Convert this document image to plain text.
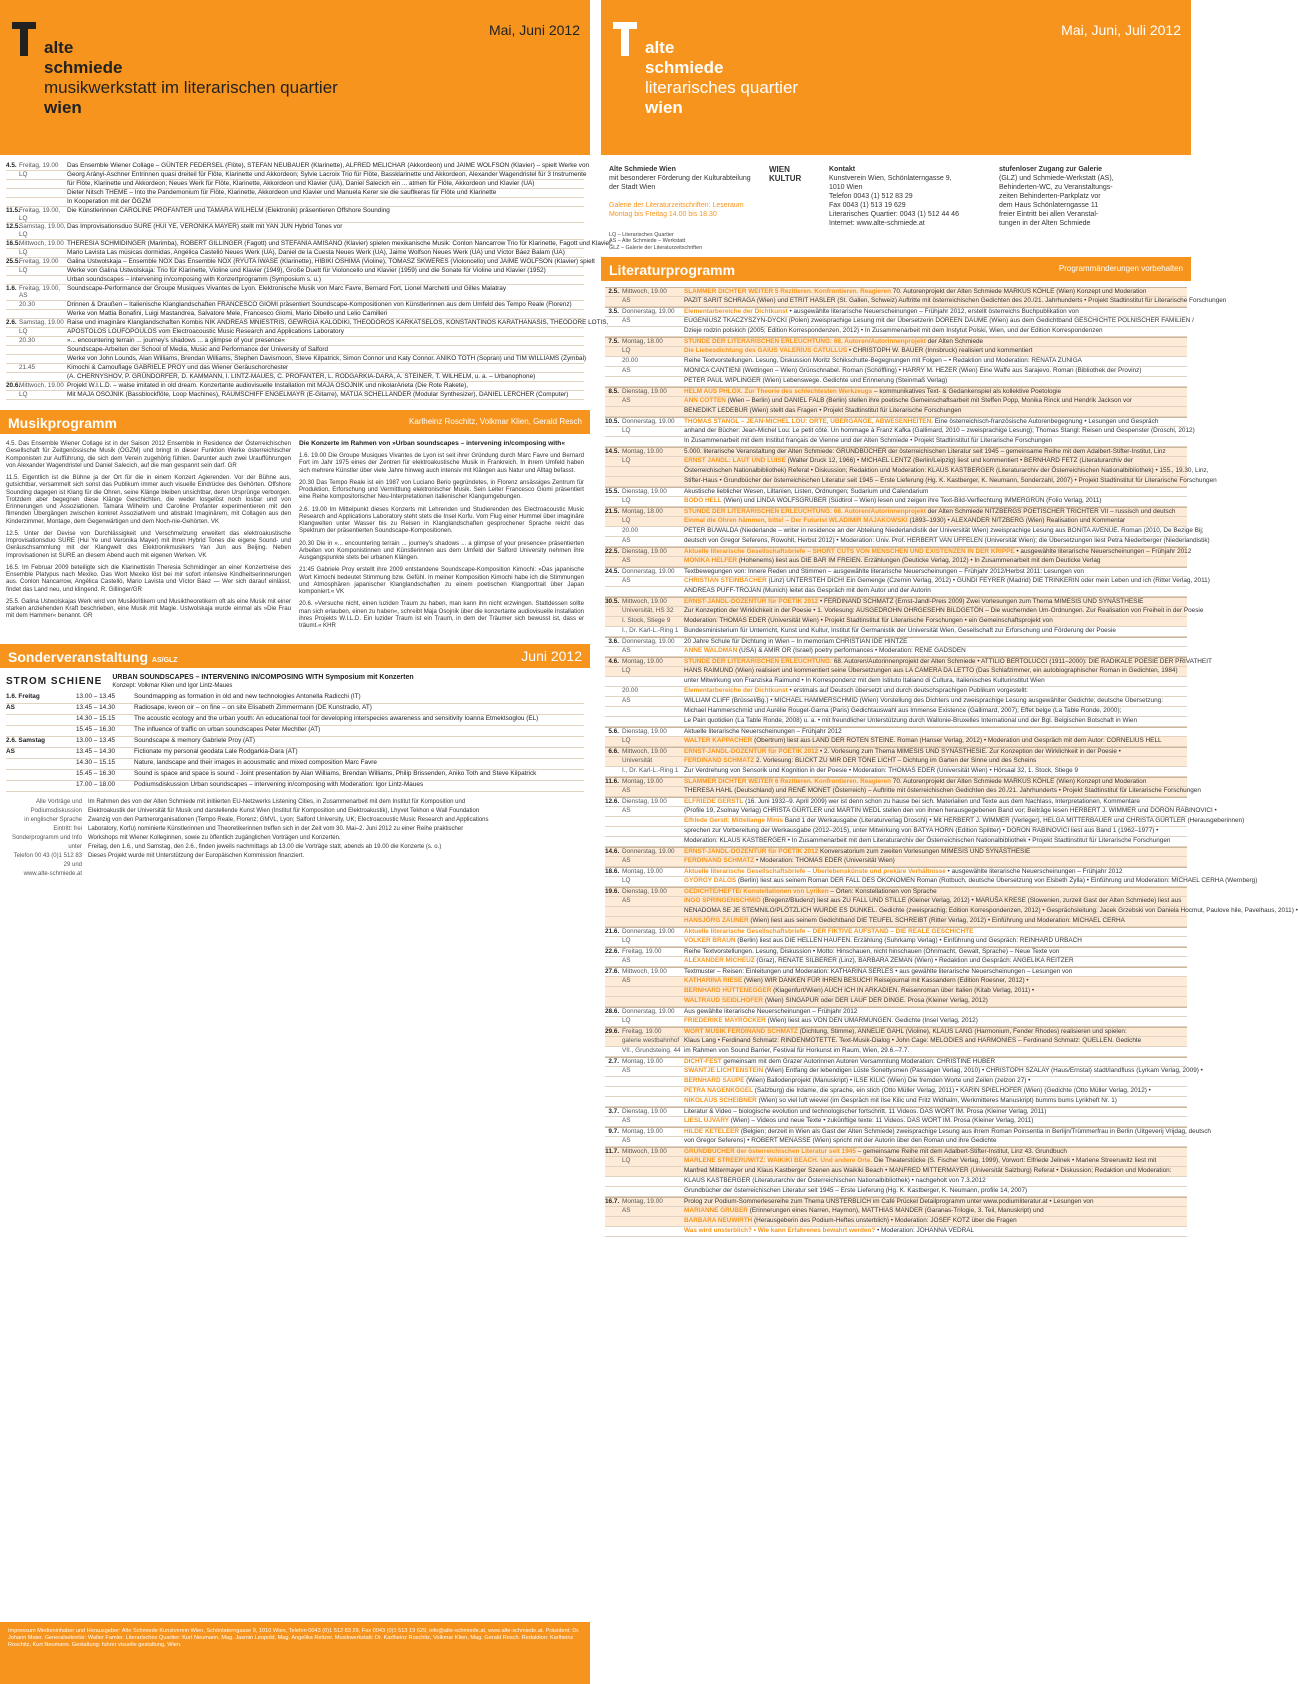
alte
schmiede
musikwerkstatt im literarischen quartier
wien
Mai, Juni 2012
4.5. Freitag, 19.00	Das Ensemble Wiener Collage – GÜNTER FEDERSEL (Flöte), STEFAN NEUBAUER (Klarinette), ALFRED MELICHAR (Akkordeon) und JAIME WOLFSON (Klavier) – spielt Werke von
LQ	Georg Arányi-Aschner Entrinnen quasi dreiteil für Flöte, Klarinette und Akkordeon; Sylvie Lacroix Trio für Flöte, Bassklarinette und Akkordeon, Alexander Wagendristel für 3 Instrumente
für Flöte, Klarinette und Akkordeon; Neues Werk für Flöte, Klarinette, Akkordeon und Klavier (UA), Daniel Salecich ein ... atmen für Flöte, Akkordeon und Klavier (UA)
Dieter Nitsch THEME – Into the Pandemonium für Flöte, Klarinette, Akkordeon und Klavier und Manuela Kerer sie die sauftkeras für Flöte und Klarinette
In Kooperation mit der ÖGZM
11.5. Freitag, 19.00, LQ
Die Künstlerinnen CAROLINE PROFANTER und TAMARA WILHELM (Elektronik) präsentieren Offshore Sounding
12.5.
Samstag, 19.00, LQ
Das Improvisationsduo SURE (HUI YE, VERONIKA MAYER) stellt mit YAN JUN Hybrid Tones vor
16.5.
Mittwoch, 19.00 THERESIA SCHMIDINGER (Marimba), ROBERT GILLINGER (Fagott) und STEFANIA AMISANO (Klavier) spielen mexikanische Musik: Conlon Nancarrow Trio für Klarinette, Fagott und Klavier,
LQ	Mario Lavista Las músicas dormidas, Angélica Castelló Neues Werk (UA), Daniel de la Cuesta Neues Werk (UA), Jaime Wolfson Neues Werk (UA) und Víctor Báez Balam (UA)
25.5.
Freitag, 19.00	Galina Ustwolskaja – Ensemble NOX Das Ensemble NOX (RYUTA IWASE (Klarinette), HIBIKI OSHIMA (Violine), TOMASZ SKWERES (Violoncello) und JAIME WOLFSON (Klavier) spielt
LQ	Werke von Galina Ustwolskaja: Trio für Klarinette, Violine und Klavier (1949), Große Duett für Violoncello und Klavier (1959) und die Sonate für Violine und Klavier (1952)
Urban soundscapes – intervening in/composing with Konzertprogramm (Symposium s. u.)
1.6. Freitag, 19.00, AS
Soundscape-Performance der Groupe Musiques Vivantes de Lyon. Elektronische Musik von Marc Favre, Bernard Fort, Lionel Marchetti und Gilles Malatray
20.30	Drinnen & Draußen – Italienische Klanglandschaften FRANCESCO GIOMI präsentiert Soundscape-Kompositionen von Künstlerinnen aus dem Umfeld des Tempo Reale (Florenz)
Werke von Mattia Bonafini, Luigi Mastandrea, Salvatore Mele, Francesco Giomi, Mario Dibello und Lelio Camilleri
2.6. Samstag, 19.00 Raise und imaginäre Klanglandschaften Kombis NIK ANDREAS MNIESTRIS, GEWRGIA KALODIKI, THEODOROS KARKATSELOS, KONSTANTINOS KARATHANASIS, THEODORE LOTIS,
LQ	APOSTOLOS LOUFOPOULOS vom Electroacoustic Music Research and Applications Laboratory
20.30	»... encountering terrain ... journey's shadows ... a glimpse of your presence«
Soundscape-Arbeiten der School of Media, Music and Performance der University of Salford
Werke von John Lounds, Alan Williams, Brendan Williams, Stephen Davismoon, Steve Kilpatrick, Simon Connor und Katy Connor. ANIKO TOTH (Sopran) und TIM WILLIAMS (Zymbal)
21.45	Kimochi & Camouflage GABRIELE PROY und das Wiener Geräuschorchester
(A. CHERNYSHOV, P. GRÜNDORFER, D. KAMMANN, I. LINTZ-MAUES, C. PROFANTER, L. RODGARKIA-DARA, A. STEINER, T. WILHELM, u. a. – Urbanophone)
20.6.
Mittwoch, 19.00 Projekt W.I.L.D. – walse imitated in old dream. Konzertante audiovisuelle Installation mit MAJA OSOJNIK und nikolarArieta (Die Rote Rakete),
LQ	Mit MAJA OSOJNIK (Bassblockflöte, Loop Machines), RAUMSCHIFF ENGELMAYR (E-Gitarre), MATIJA SCHELLANDER (Modular Synthesizer), DANIEL LERCHER (Computer)
Musikprogramm	Karlheinz Roschitz, Volkmar Klien, Gerald Resch

4.5. Das Ensemble Wiener Collage ist in der Saison 2012 Ensemble in Residence der Österreichischen Gesellschaft für Zeitgenössische Musik (ÖGZM) und bringt in dieser Funktion Werke österreichischer Komponisten zur Aufführung, die sich dem Verein zugehörig fühlen. Darunter auch zwei Uraufführungen von Alexander Wagendristel und Daniel Salecich, auf die man gespannt sein darf. GR

11.5. Eigentlich ist die Bühne ja der Ort für die in einem Konzert Agierenden. Vor der Bühne aus, gutsichtbar, versammelt sich sonst das Publikum immer auch visuelle Eindrücke des Gehörten. Offshore Sounding dagegen ist Klang für die Ohren, seine Klänge bleiben unsichtbar, deren Ursprünge verborgen. Trotzdem aber begegnen diese Klänge Geschichten, die weder losgelöst noch losbar und von Erinnerungen und Assoziationen. Tamara Wilhelm und Caroline Profanter experimentieren mit den flirrenden Übergängen zwischen konkret Assoziativem und abstrakt Imaginärem, mit Collagen aus den Kinderzimmer, Montage, dem Gegenwärtigen und dem Noch-nie-Gehörten. VK

12.5. Unter der Devise von Durchlässigkeit und Verschmelzung erweitert das elektroakustische Improvisationsduo SURE (Hui Ye und Veronika Mayer) mit ihren Hybrid Tones die eigene Sound- und Geräuschsammlung mit der Klangwelt des Elektronikmusikers Yan Jun aus Beijing. Neben Improvisationen ist SURE an diesem Abend auch mit eigenen Werken. VK

16.5. Im Februar 2009 beteiligte sich die Klarinettistin Theresia Schmidinger an einer Konzertreise des Ensemble Platypus nach Mexiko. Das Wort Mexiko löst bei mir sofort intensive Kindheitserinnerungen aus. Conlon Nancarrow, Angélica Castelló, Mario Lavista und Víctor Báez — Wer sich darauf einlässt, findet das Land neu, und klingend. R. Gillinger/GR

25.5. Galina Ustwolskajas Werk wird von Musikkritikern und Musiktheoretikern oft als eine Musik mit einer starken anziehenden Kraft beschrieben, eine Musik mit Magie. Ustwolskaja wurde einmal als »Die Frau mit dem Hammer« benannt. GR

Die Konzerte im Rahmen von »Urban soundscapes – intervening in/composing with«

1.6. 19.00 Die Groupe Musiques Vivantes de Lyon ist seit ihrer Gründung durch Marc Favre und Bernard Fort im Jahr 1975 eines der Zentren für elektroakustische Musik in Frankreich. In ihrem Umfeld haben sich mehrere Künstler über viele Jahre hinweg auch intensiv mit Klängen aus Natur und Alltag befasst.

20.30 Das Tempo Reale ist ein 1987 von Luciano Berio gegründetes, in Florenz ansässiges Zentrum für Produktion, Erforschung und Vermittlung elektronischer Musik. Sein Leiter Francesco Giomi präsentiert eine Reihe kompositorischer Neu-Interpretationen italienischer Klangumgebungen.

2.6. 19.00 Im Mittelpunkt dieses Konzerts mit Lehrenden und Studierenden des Electroacoustic Music Research and Applications Laboratory steht stets die Insel Korfu. Vom Flug einer Hummel über imaginäre Klangwelten unter Wasser bis zu Reisen in Klanglandschaften gesprochener Sprache reicht das Spektrum der präsentierten Soundscape-Kompositionen.

20.30 Die in »... encountering terrain ... journey's shadows ... a glimpse of your presence« präsentierten Arbeiten von Komponistinnen und Künstlerinnen aus dem Umfeld der Salford University nehmen ihre Ausgangspunkte stets bei urbanen Klängen.

21:45 Gabriele Proy erstellt ihre 2009 entstandene Soundscape-Komposition Kimochi: »Das japanische Wort Kimochi bedeutet Stimmung bzw. Gefühl. In meiner Komposition Kimochi habe ich die Stimmungen und Atmosphären japanischer Klanglandschaften zu einem poetischen Klangportrait über Japan komponiert.« VK

20.6. »Versuche nicht, einen luziden Traum zu haben, man kann ihn nicht erzwingen. Stattdessen sollte man sich erlauben, einen zu haben«, schreibt Maja Osojnik über die konzertante audiovisuelle Installation ihres Projekts W.I.L.D. Ein luzider Traum ist ein Traum, in dem der Träumer sich bewusst ist, dass er träumt.« KHR

Sonderveranstaltung AS/GLZ	Juni 2012
STROM SCHIENE URBAN SOUNDSCAPES – INTERVENING IN/COMPOSING WITH Symposium mit Konzerten
Konzept: Volkmar Klien und Igor Lintz-Maues
1.6. Freitag	13.00 – 13.45	Soundmapping as formation in old and new technologies Antonella Radicchi (IT)
AS	13.45 – 14.30	Radiosape, kveon oir – on fine – on site Elisabeth Zimmermann (DE Kunstradio, AT)
14.30 – 15.15	The acoustic ecology and the urban youth: An educational tool for developing interspecies awareness and sensitivity Ioanna Etmektsoglou (EL)
15.45 – 16.30	The influence of traffic on urban soundscapes Peter Mechtler (AT)
2.6. Samstag	13.00 – 13.45	Soundscape & memory Gabriele Proy (AT)
AS	13.45 – 14.30	Fictionate my personal geodata Lale Rodgarkia-Dara (AT)
14.30 – 15.15	Nature, landscape and their images in acousmatic and mixed composition Marc Favre
15.45 – 16.30	Sound is space and space is sound - Joint presentation by Alan Williams, Brendan Williams, Philip Brissenden, Aniko Toth and Steve Kilpatrick
17.00 – 18.00	Podiumsdiskussion Urban soundscapes – intervening in/composing with Moderation: Igor Lintz-Maues
Alle Vorträge und Podiumsdiskussion
in englischer Sprache
Eintritt: frei
Sonderprogramm und Info unter
Telefon 00 43 (0)1 512 83 29 und
www.alte-schmiede.at
Im Rahmen des von der Alten Schmiede mit initiierten EU-Netzwerks Listening Cities, in Zusammenarbeit mit dem Institut für Komposition und
Elektroakustik der Universität für Musik und darstellende Kunst Wien (Institut für Komposition und Elektroakustik), Lhyvet Tekhon e Wall Foundation
Zwanzig von den Partnerorganisationen (Tempo Reale, Florenz; GMVL, Lyon; Salford University, UK; Electroacoustic Music Research and Applications
Laboratory, Korfu) nominierte Künstlerinnen und Theoretikerinnen treffen sich in der Zeit vom 30. Mai–2. Juni 2012 zu einer Reihe praktischer
Workshops mit Wiener Kolleginnen, sowie zu öffentlich zugänglichen Vorträgen und Konzerten.
Freitag, den 1.6., und Samstag, den 2.6., finden jeweils nachmittags ab 13.00 die Vorträge statt, abends ab 19.00 die Konzerte (s. o.)
Dieses Projekt wurde mit Unterstützung der Europäischen Kommission finanziert.
Impressum Medieninhaber und Herausgeber: Alte Schmiede Kunstverein Wien, Schönlaterngasse 9, 1010 Wien, Telefon 0043 (0)1 512 83 29, Fax 0043 (0)1 513 19 629, info@alte-schmiede.at, www.alte-schmiede.at. Präsident: Dr. Johann Maier. Generalsekretär: Walter Famler. Literarisches Quartier: Kurt Neumann, Mag. Jasmin Leopold, Mag. Angelika Reitzer. Musikwerkstatt: Dr. Karlheinz Roschitz, Volkmar Klien, Mag. Gerald Resch. Redaktion: Karlheinz Roschitz, Kurt Neumann. Gestaltung: fuhrer visuelle gestaltung, Wien.
alte
schmiede
literarisches quartier
wien
Mai, Juni, Juli 2012
Alte Schmiede Wien
mit besonderer Förderung der Kulturabteilung
der Stadt Wien

Galerie der Literaturzeitschriften: Leseraum
Montag bis Freitag 14.00 bis 18.30
WIEN KULTUR
Kontakt
Kunstverein Wien, Schönlaterngasse 9,
1010 Wien
Telefon 0043 (1) 512 83 29
Fax 0043 (1) 513 19 629
Literarisches Quartier: 0043 (1) 512 44 46
Internet: www.alte-schmiede.at
stufenloser Zugang zur Galerie
(GLZ) und Schmiede-Werkstatt (AS),
Behinderten-WC, zu Veranstaltungs-
zeiten Behinderten-Parkplatz vor
dem Haus Schönlaterngasse 11
freier Eintritt bei allen Veranstal-
tungen in der Alten Schmiede
LQ – Literarisches Quartier
AS – Alte Schmiede – Werkstatt
GLZ – Galerie der Literaturzeitschriften
Literaturprogramm	Programmänderungen vorbehalten
2.5. Mittwoch, 19.00	SLAMMER DICHTER WEITER 5 Rezitieren. Konfrontieren. Reagieren 70. Autorenprojekt der Alten Schmiede MARKUS KÖHLE (Wien) Konzept und Moderation
AS	PAZIT SARIT SCHRAGA (Wien) und ETRIT HASLER (St. Gallen, Schweiz) Auftritte mit österreichischen Gedichten des 20./21. Jahrhunderts • Projekt Stadtinstitut für Literarische Forschungen
3.5. Donnerstag, 19.00	Elementarbereiche der Dichtkunst • ausgewählte literarische Neuerscheinungen – Frühjahr 2012, erstellt österreichs Buchpublikation von
AS	EUGENIUSZ TKACZYSZYN-DYCKI (Polen) zweisprachige Lesung mit der Übersetzerin DOREEN DAUME (Wien) aus dem Gedichtband GESCHICHTE POLNISCHER FAMILIEN /
Dzieje rodzin polskich (2005; Edition Korrespondenzen, 2012) • In Zusammenarbeit mit dem Instytut Polski, Wien, und der Edition Korrespondenzen
7.5. Montag, 18.00	STUNDE DER LITERARISCHEN ERLEUCHTUNG: 68. Autoren/Autorinnenprojekt der Alten Schmiede
LQ	Die Liebesdichtung des GAIUS VALERIUS CATULLUS • CHRISTOPH W. BAUER (Innsbruck) realisiert und kommentiert
20.00	Reihe Textvorstellungen. Lesung, Diskussion Moritz Schikschutte-Begegnungen mit Folgen – • Redaktion und Moderation: RENATA ZUNIGA
AS	MONICA CANTIENI (Wettingen – Wien) Grünschnabel. Roman (Schöffling) • HARRY M. HEZER (Wien) Eine Waffe aus Sarajevo. Roman (Bibliothek der Provinz)
PETER PAUL WIPLINGER (Wien) Lebenswege. Gedichte und Erinnerung (Steinmaß Verlag)
8.5. Dienstag, 19.00	HELM AUS PHLOX. Zur Theorie des schlechtesten Werkzeugs – kommunikatives Text- & Gedankenspiel als kollektive Poetologie
AS	ANN COTTEN (Wien – Berlin) und DANIEL FALB (Berlin) stellen ihre poetische Gemeinschaftsarbeit mit Steffen Popp, Monika Rinck und Hendrik Jackson vor
BENEDIKT LEDEBUR (Wien) stellt das Fragen • Projekt Stadtinstitut für Literarische Forschungen
10.5. Donnerstag, 19.00	THOMAS STANGL – JEAN-MICHEL LOU: ORTE, ÜBERGÄNGE, ABWESENHEITEN. Eine österreichisch-französische Autorenbegegnung • Lesungen und Gespräch
LQ	anhand der Bücher: Jean-Michel Lou: Le petit côté. Un hommage à Franz Kafka (Gallimard, 2010 – zweisprachige Lesung); Thomas Stangl: Reisen und Gespenster (Droschl, 2012)
In Zusammenarbeit mit dem Institut français de Vienne und der Alten Schmiede • Projekt Stadtinstitut für Literarische Forschungen
14.5. Montag, 19.00	5.000. literarische Veranstaltung der Alten Schmiede: GRUNDBÜCHER der österreichischen Literatur seit 1945 – gemeinsame Reihe mit dem Adalbert-Stifter-Institut, Linz
LQ	ERNST JANDL: LAUT UND LUISE (Walter Druck 12, 1966) • MICHAEL LENTZ (Berlin/Leipzig) liest und kommentiert • BERNHARD FETZ (Literaturarchiv der
Österreichischen Nationalbibliothek) Referat • Diskussion; Redaktion und Moderation: KLAUS KASTBERGER (Literaturarchiv der Österreichischen Nationalbibliothek) • 155., 19.30, Linz,
Stifter-Haus • Grundbücher der österreichischen Literatur seit 1945 – Erste Lieferung (Hg. K. Kastberger, K. Neumann, Sonderzahl, 2007) • Projekt Stadtinstitut für Literarische Forschungen
15.5. Dienstag, 19.00	Akustische lieblicher Wesen, Liltanien, Listen, Ordnungen; Sudarium und Calendarium
LQ	BODO HELL (Wien) und LINDA WOLFSGRUBER (Südtirol – Wien) lesen und zeigen ihre Text-Bild-Verflechtung IMMERGRÜN (Folio Verlag, 2011)
21.5. Montag, 18.00	STUNDE DER LITERARISCHEN ERLEUCHTUNG: 68. Autoren/Autorinnenprojekt der Alten Schmiede NITZBERGS POETISCHER TRICHTER VII – russisch und deutsch
LQ	Einmal die Ohren hämmen, bitte! – Der Futurist WLADIMIR MAJAKOWSKI (1893–1930) • ALEXANDER NITZBERG (Wien) Realisation und Kommentar
20.00	PETER BUWALDA (Niederlande – writer in residence an der Abteilung Niederlandistik der Universität Wien) zweisprachige Lesung aus BONITA AVENUE. Roman (2010, De Bezige Bij;
AS	deutsch von Gregor Seferens, Rowohlt, Herbst 2012) • Moderation: Univ. Prof. HERBERT VAN UFFELEN (Universität Wien); die Übersetzungen liest Petra Niederberger (Niederlandistik)
22.5. Dienstag, 19.00	Aktuelle literarische Gesellschaftsbriefe – SHORT CUTS VON MENSCHEN UND EXISTENZEN IN DER KRIPPE • ausgewählte literarische Neuerscheinungen – Frühjahr 2012
AS	MONIKA HELFER (Hohenems) liest aus DIE BAR IM FREIEN. Erzählungen (Deuticke Verlag, 2012) • In Zusammenarbeit mit dem Deuticke Verlag
24.5. Donnerstag, 19.00	Textbewegungen von: Innere Reden und Stimmen – ausgewählte literarische Neuerscheinungen – Frühjahr 2012/Herbst 2011: Lesungen von
AS	CHRISTIAN STEINBACHER (Linz) UNTERSTEH DICH! Ein Gemenge (Czernin Verlag, 2012) • GUNDI FEYRER (Madrid) DIE TRINKERIN oder mein Leben und ich (Ritter Verlag, 2011)
ANDREAS PUFF-TROJAN (Munich) leitet das Gespräch mit dem Autor und der Autorin
30.5. Mittwoch, 19.00	ERNST-JANDL-DOZENTUR für POETIK 2012 • FERDINAND SCHMATZ (Ernst-Jandl-Preis 2009) Zwei Vorlesungen zum Thema MIMESIS UND SYNÄSTHESIE
Universität, HS 32	Zur Konzeption der Wirklichkeit in der Poesie • 1. Vorlesung: AUSGEDROHN OHRGESEHN BILDGETÖN – Die wuchernden Um-Ordnungen. Zur Realisation von Freiheit in der Poesie
I. Stock, Stiege 9	Moderation: THOMAS EDER (Universität Wien) • Projekt Stadtinstitut für Literarische Forschungen • ein Gemeinschaftsprojekt von
I., Dr. Karl-L.-Ring 1 Bundesministerium für Unterricht, Kunst und Kultur, Institut für Germanistik der Universität Wien, Gesellschaft zur Erforschung und Förderung der Poesie
3.6. Donnerstag, 19.00	20 Jahre Schule für Dichtung in Wien – In memoriam CHRISTIAN IDE HINTZE
AS	ANNE WALDMAN (USA) & AMIR OR (Israel) poetry performances • Moderation: RENE GADSDEN
4.6. Montag, 19.00	STUNDE DER LITERARISCHEN ERLEUCHTUNG: 68. Autoren/Autorinnenprojekt der Alten Schmiede • ATTILIO BERTOLUCCI (1911–2000): DIE RADIKALE POESIE DER PRIVATHEIT
LQ	HANS RAIMUND (Wien) realisiert und kommentiert seine Übersetzungen aus LA CAMERA DA LETTO (Das Schlafzimmer, ein autobiographischer Roman in Gedichten, 1984)
unter Mitwirkung von Franziska Raimund • In Korrespondenz mit dem Istituto Italiano di Cultura, Italienisches Kulturinstitut Wien
20.00	Elementarbereiche der Dichtkunst • erstmals auf Deutsch übersetzt und durch deutschsprachigen Publikum vorgestellt:
AS	WILLIAM CLIFF (Brüssel/Bg.) • MICHAEL HAMMERSCHMID (Wien) Vorstellung des Dichters und zweisprachige Lesung ausgewählter Gedichte; deutsche Übersetzung:
Michael Hammerschmid und Aurélie Rouget-Garna (Paris) Gedichtauswahl aus Immense Existence (Gallimard, 2007); Effet belge (La Table Ronde, 2000);
Le Pain quotidien (La Table Ronde, 2008) u. a. • mit freundlicher Unterstützung durch Wallonie-Bruxelles International und der Bgl. Belgischen Botschaft in Wien
5.6. Dienstag, 19.00	Aktuelle literarische Neuerscheinungen – Frühjahr 2012
LQ	WALTER KAPPACHER (Obertrum) liest aus LAND DER ROTEN STEINE. Roman (Hanser Verlag, 2012) • Moderation und Gespräch mit dem Autor: CORNELIUS HELL
6.6. Mittwoch, 19.00	ERNST-JANDL-DOZENTUR für POETIK 2012 • 2. Vorlesung zum Thema MIMESIS UND SYNÄSTHESIE. Zur Konzeption der Wirklichkeit in der Poesie •
Universität	FERDINAND SCHMATZ 2. Vorlesung: BLICKT ZU MIR DER TÖNE LICHT – Dichtung im Garten der Sinne und des Scheins
I., Dr. Karl-L.-Ring 1 Zur Verdrehung von Sensorik und Kognition in der Poesie • Moderation: THOMAS EDER (Universität Wien) • Hörsaal 32, 1. Stock, Stiege 9
11.6. Montag, 19.00	SLAMMER DICHTER WEITER 6 Rezitieren. Konfrontieren. Reagieren 70. Autorenprojekt der Alten Schmiede MARKUS KÖHLE (Wien) Konzept und Moderation
AS	THERESA HAHL (Deutschland) und RENÉ MONET (Österreich) – Auftritte mit österreichischen Gedichten des 20./21. Jahrhunderts • Projekt Stadtinstitut für Literarische Forschungen
12.6. Dienstag, 19.00	ELFRIEDE GERSTL (16. Juni 1932–9. April 2009) wer ist denn schon zu hause bei sich. Materialien und Texte aus dem Nachlass, Interpretationen, Kommentare
AS	(Profile 19, Zsolnay Verlag) CHRISTA GÜRTLER und MARTIN WEDL stellen den von ihnen herausgegebenen Band vor; Beiträge lesen HERBERT J. WIMMER und DORON RABINOVICI •
Elfriede Gerstl: Mittellange Minis Band 1 der Werkausgabe (Literaturverlag Droschl) • Mit HERBERT J. WIMMER (Verleger), HELGA MITTERBAUER und CHRISTA GÜRTLER (Herausgeberinnen)
sprechen zur Vorbereitung der Werkausgabe (2012–2015), unter Mitwirkung von BATYA HORN (Edition Splitter) • DORON RABINOVICI liest aus Band 1 (1962–1977) •
Moderation: KLAUS KASTBERGER • In Zusammenarbeit mit dem Literaturarchiv der Österreichischen Nationalbibliothek • Projekt Stadtinstitut für Literarische Forschungen
14.6. Donnerstag, 19.00	ERNST-JANDL-DOZENTUR für POETIK 2012 Konversatorium zum zweiten Vorlesungen MIMESIS UND SYNÄSTHESIE
AS	FERDINAND SCHMATZ • Moderation: THOMAS EDER (Universität Wien)
18.6. Montag, 19.00	Aktuelle literarische Gesellschaftsbriefe – Überlebenskünste und prekäre Verhältnisse • ausgewählte literarische Neuerscheinungen – Frühjahr 2012
LQ	GYÖRGY DALOS (Berlin) liest aus seinem Roman DER FALL DES ÖKONOMEN Roman (Rotbuch, deutsche Übersetzung von Elsbeth Zylla) • Einführung und Moderation: MICHAEL CERHA (Wernberg)
19.6. Dienstag, 19.00	GEDICHTE/HEFTE/ Konstellationen von Lyriken – Orten: Konstellationen von Sprache
AS	INGO SPRINGENSCHMID (Bregenz/Bludenz) liest aus ZU FALL UND STILLE (Kleiner Verlag, 2012) • MARUŠA KRESE (Slowenien, zurzeit Gast der Alten Schmiede) liest aus
NENADOMA SE JE STEMNILO/PLÖTZLICH WURDE ES DUNKEL. Gedichte (zweisprachig; Edition Korrespondenzen, 2012) • Gesprächsleitung: Jacek Grzebski von Daniela Hocmut, Paulove hile, Pavelhaus, 2011) •
HANSJÖRG ZAUNER (Wien) liest aus seinem Gedichtband DIE TEUFEL SCHREIBT (Ritter Verlag, 2012) • Einführung und Moderation: MICHAEL CERHA
21.6. Donnerstag, 19.00	Aktuelle literarische Gesellschaftsbriefe – DER FIKTIVE AUFSTAND – DIE REALE GESCHICHTE
LQ	VOLKER BRAUN (Berlin) liest aus DIE HELLEN HAUFEN. Erzählung (Suhrkamp Verlag) • Einführung und Gespräch: REINHARD URBACH
22.6. Freitag, 19.00	Reihe Textvorstellungen. Lesung, Diskussion • Motto: Hinschauen, nicht hinschauen (Ohnmacht, Gewalt, Sprache) – Neue Texte von
AS	ALEXANDER MICHEUZ (Graz), RENATE SILBERER (Linz), BARBARA ZEMAN (Wien) • Redaktion und Gespräch: ANGELIKA REITZER
27.6. Mittwoch, 19.00	Textmuster – Reisen: Einleitungen und Moderation: KATHARINA SERLES • aus gewählte literarische Neuerscheinungen – Lesungen von
AS	KATHARINA RIESE (Wien) WIR DANKEN FÜR IHREN BESUCH! Reisejournal mit Kassandern (Edition Roesner, 2012) •
BERNHARD HÜTTENEGGER (Klagenfurt/Wien) AUCH ICH IN ARKADIEN. Reisenroman über Italien (Kitab Verlag, 2011) •
WALTRAUD SEIDLHOFER (Wien) SINGAPUR oder DER LAUF DER DINGE. Prosa (Kleiner Verlag, 2012)
28.6. Donnerstag, 19.00	Aus gewählte literarische Neuerscheinungen – Frühjahr 2012
LQ	FRIEDERIKE MAYRÖCKER (Wien) liest aus VON DEN UMARMUNGEN. Gedichte (Insel Verlag, 2012)
29.6. Freitag, 19.00	WORT MUSIK FERDINAND SCHMATZ (Dichtung, Stimme), ANNELIE GAHL (Violine), KLAUS LANG (Harmonium, Fender Rhodes) realisieren und spielen:
galerie westbahnhof Klaus Lang • Ferdinand Schmatz: RINDENMOTETTE. Text-Musik-Dialog • John Cage: MELODIES and HARMONIES – Ferdinand Schmatz: QUELLEN. Gedichte
VII., Grundsteing. 44 im Rahmen von Sound Barrier, Festival für Horkunst im Raum, Wien, 29.6.–7.7.
2.7. Montag, 19.00	DICHT-FEST gemeinsam mit dem Grazer Autorinnen Autoren Versammlung Moderation: CHRISTINE HUBER
AS	SWANTJE LICHTENSTEIN (Wien) Entfang der lebendigen Lüste Sonettysmen (Passagen Verlag, 2010) • CHRISTOPH SZALAY (Haus/Ernstal) stadt/landfluss (Lyrkam Verlag, 2009) •
BERNHARD SAUPE (Wien) Ballodenprojekt (Manuskript) • ILSE KILIC (Wien) Die fremden Worte und Zeilen (zelzon 27) •
PETRA NAGENKÖGEL (Salzburg) die Irdame, die sprache, ein stich (Otto Müller Verlag, 2011) • KARIN SPIELHOFER (Wien) (Gedichte (Otto Müller Verlag, 2012) •
NIKOLAUS SCHEIBNER (Wien) so viel luft wieviel (im Gespräch mit Ilse Kilic und Fritz Widhalm, Werkmitteres Manuskript) bumms bums Lyrikheft Nr. 1)
3.7. Dienstag, 19.00	Literatur & Video – biologische evolution und technologischer fortschritt. 11 Videos. DAS WORT IM. Prosa (Kleiner Verlag, 2011)
AS	LIESL UJVARY (Wien) – Videos und neue Texte • zukünftige texte: 11 Videos. DAS WORT IM. Prosa (Kleiner Verlag, 2011)
9.7. Montag, 19.00	HILDE KETELEER (Belgien; derzeit in Wien als Gast der Alten Schmiede) zweisprachige Lesung aus ihrem Roman Poinsentia in Berlijn/Trümmerfrau in Berlin (Uitgeverij Vrijdag, deutsch
AS	von Gregor Seferens) • ROBERT MENASSE (Wien) spricht mit der Autorin über den Roman und ihre Gedichte
11.7. Mittwoch, 19.00	GRUNDBÜCHER der österreichischen Literatur seit 1945 – gemeinsame Reihe mit dem Adalbert-Stifter-Institut, Linz 43. Grundbuch
LQ	MARLENE STREERUWITZ: WAIKIKI BEACH. Und andere Orte. Die Theaterstücke (S. Fischer Verlag, 1999), Vorwort: Elfriede Jelinek • Marlene Streeruwitz liest mit
Manfred Mittermayer und Klaus Kastberger Szenen aus Waikiki Beach • MANFRED MITTERMAYER (Universität Salzburg) Referat • Diskussion; Redaktion und Moderation:
KLAUS KASTBERGER (Literaturarchiv der Österreichischen Nationalbibliothek) • nachgeholt von 7.3.2012
Grundbücher der österreichischen Literatur seit 1945 – Erste Lieferung (Hg. K. Kastberger, K. Neumann, profile 14, 2007)
16.7. Montag, 19.00	Prolog zur Podium-Sommerlesereihe zum Thema UNSTERBLICH im Café Prückel Detailprogramm unter www.podiumliteratur.at • Lesungen von
AS	MARIANNE GRUBER (Erinnerungen eines Narren, Haymon), MATTHIAS MANDER (Garanas-Trilogie, 3. Teil, Manuskript) und
BARBARA NEUWIRTH (Herausgeberin des Podium-Heftes unsterblich) • Moderation: JOSEF KOTZ über die Fragen
Was wird unsterblich? • Wie kann Erfahrenes bewahrt werden? • Moderation: JOHANNA VEDRAL
